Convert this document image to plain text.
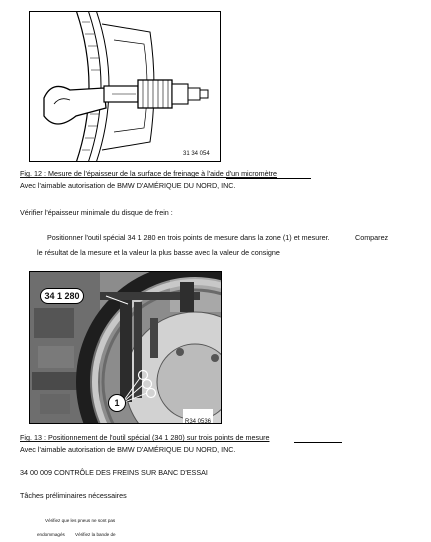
31 34 054
Fig. 12 : Mesure de l'épaisseur de la surface de freinage à l'aide d'un micromètre
Avec l'aimable autorisation de BMW D'AMÉRIQUE DU NORD, INC.
Vérifier l'épaisseur minimale du disque de frein :
Positionner l'outil spécial 34 1 280 en trois points de mesure dans la zone (1) et mesurer.	Comparez
le résultat de la mesure et la valeur la plus basse avec la valeur de consigne
34 1 280
1
R34 0536
Fig. 13 : Positionnement de l'outil spécial (34 1 280) sur trois points de mesure
Avec l'aimable autorisation de BMW D'AMÉRIQUE DU NORD, INC.
34 00 009 CONTRÔLE DES FREINS SUR BANC D'ESSAI
Tâches préliminaires nécessaires
Vérifiez que les pneus ne sont pas
endommagés Vérifiez la bande de
